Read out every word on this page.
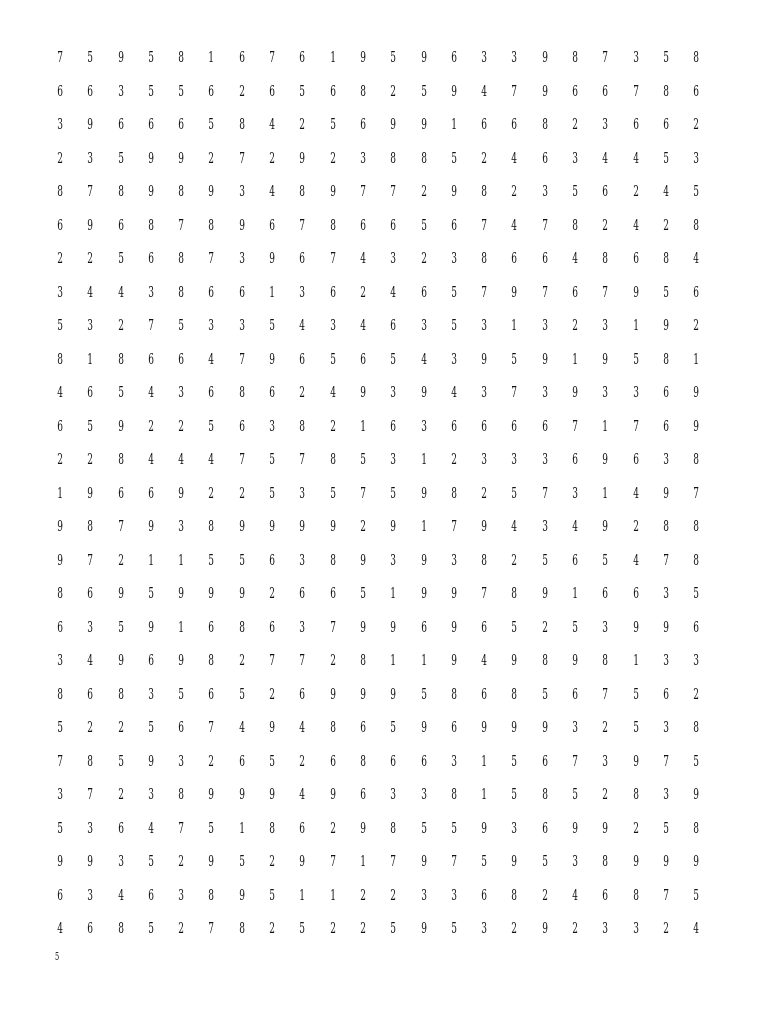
7	5	9	5	8	1	6	7	6	1	9	5	9	6	3	3	9	8	7	3	5	8
6	6	3	5	5	6	2	6	5	6	8	2	5	9	4	7	9	6	6	7	8	6
3	9	6	6	6	5	8	4	2	5	6	9	9	1	6	6	8	2	3	6	6	2
2	3	5	9	9	2	7	2	9	2	3	8	8	5	2	4	6	3	4	4	5	3
8	7	8	9	8	9	3	4	8	9	7	7	2	9	8	2	3	5	6	2	4	5
6	9	6	8	7	8	9	6	7	8	6	6	5	6	7	4	7	8	2	4	2	8
2	2	5	6	8	7	3	9	6	7	4	3	2	3	8	6	6	4	8	6	8	4
3	4	4	3	8	6	6	1	3	6	2	4	6	5	7	9	7	6	7	9	5	6
5	3	2	7	5	3	3	5	4	3	4	6	3	5	3	1	3	2	3	1	9	2
8	1	8	6	6	4	7	9	6	5	6	5	4	3	9	5	9	1	9	5	8	1
4	6	5	4	3	6	8	6	2	4	9	3	9	4	3	7	3	9	3	3	6	9
6	5	9	2	2	5	6	3	8	2	1	6	3	6	6	6	6	7	1	7	6	9
2	2	8	4	4	4	7	5	7	8	5	3	1	2	3	3	3	6	9	6	3	8
1	9	6	6	9	2	2	5	3	5	7	5	9	8	2	5	7	3	1	4	9	7
9	8	7	9	3	8	9	9	9	9	2	9	1	7	9	4	3	4	9	2	8	8
9	7	2	1	1	5	5	6	3	8	9	3	9	3	8	2	5	6	5	4	7	8
8	6	9	5	9	9	9	2	6	6	5	1	9	9	7	8	9	1	6	6	3	5
6	3	5	9	1	6	8	6	3	7	9	9	6	9	6	5	2	5	3	9	9	6
3	4	9	6	9	8	2	7	7	2	8	1	1	9	4	9	8	9	8	1	3	3
8	6	8	3	5	6	5	2	6	9	9	9	5	8	6	8	5	6	7	5	6	2
5	2	2	5	6	7	4	9	4	8	6	5	9	6	9	9	9	3	2	5	3	8
7	8	5	9	3	2	6	5	2	6	8	6	6	3	1	5	6	7	3	9	7	5
3	7	2	3	8	9	9	9	4	9	6	3	3	8	1	5	8	5	2	8	3	9
5	3	6	4	7	5	1	8	6	2	9	8	5	5	9	3	6	9	9	2	5	8
9	9	3	5	2	9	5	2	9	7	1	7	9	7	5	9	5	3	8	9	9	9
6	3	4	6	3	8	9	5	1	1	2	2	3	3	6	8	2	4	6	8	7	5
4	6	8	5	2	7	8	2	5	2	2	5	9	5	3	2	9	2	3	3	2	4
5
